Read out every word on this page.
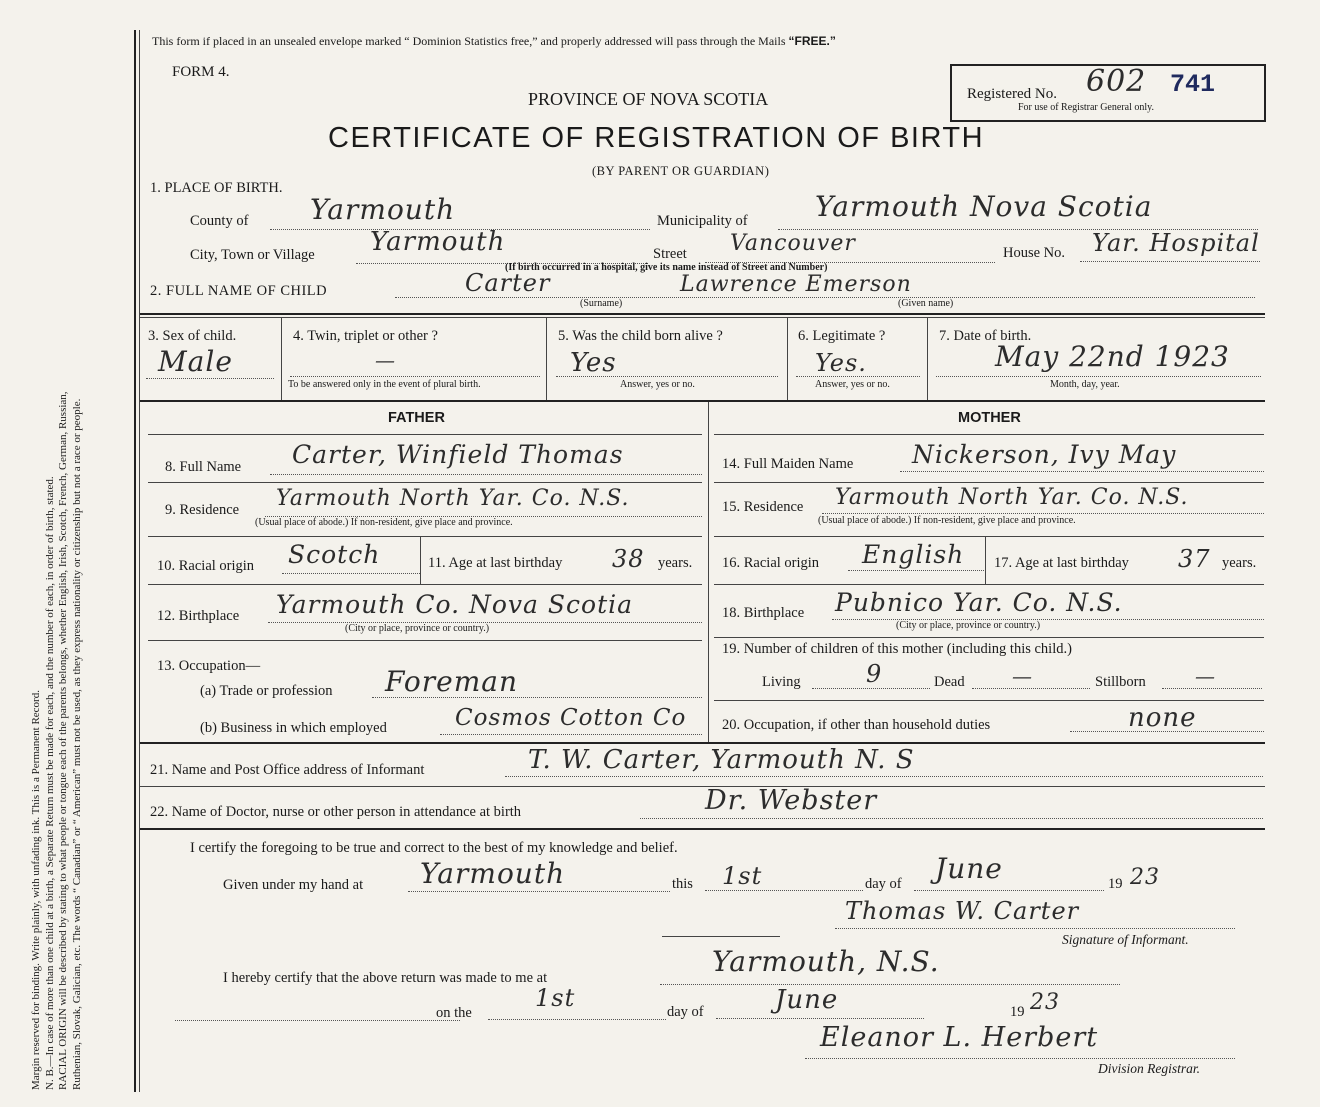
Margin reserved for binding. Write plainly, with unfading ink. This is a Permanent Record. N. B.—In case of more than one child at a birth, a Separate Return must be made for each, and the number of each, in order of birth, stated. RACIAL ORIGIN will be described by stating to what people or tongue each of the parents belongs, whether English, Irish, Scotch, French, German, Russian, Ruthenian, Slovak, Galician, etc. The words “ Canadian” or “ American” must not be used, as they express nationality or citizenship but not a race or people.
This form if placed in an unsealed envelope marked “ Dominion Statistics free,” and properly addressed will pass through the Mails “FREE.”
FORM 4.
PROVINCE OF NOVA SCOTIA
CERTIFICATE OF REGISTRATION OF BIRTH
(BY PARENT OR GUARDIAN)
Registered No. 602 741
For use of Registrar General only.
1. PLACE OF BIRTH.
County of Yarmouth	Municipality of Yarmouth Nova Scotia
City, Town or Village Yarmouth	Street Vancouver	House No. Yar. Hospital
(If birth occurred in a hospital, give its name instead of Street and Number)
2. FULL NAME OF CHILD	Carter	Lawrence Emerson
(Surname)	(Given name)
3. Sex of child.
Male
4. Twin, triplet or other ?
—
To be answered only in the event of plural birth.
5. Was the child born alive ?
Yes
Answer, yes or no.
6. Legitimate ?
Yes.
Answer, yes or no.
7. Date of birth.
May 22nd 1923
Month, day, year.
FATHER	MOTHER
8. Full Name Carter, Winfield Thomas
9. Residence Yarmouth North Yar. Co. N.S.
(Usual place of abode.) If non-resident, give place and province.
10. Racial origin Scotch	11. Age at last birthday 38 years.
12. Birthplace Yarmouth Co. Nova Scotia
(City or place, province or country.)
13. Occupation—
(a) Trade or profession Foreman
(b) Business in which employed	Cosmos Cotton Co
14. Full Maiden Name Nickerson, Ivy May
15. Residence Yarmouth North Yar. Co. N.S.
(Usual place of abode.) If non-resident, give place and province.
16. Racial origin English 17. Age at last birthday 37 years.
18. Birthplace Pubnico Yar. Co. N.S.
(City or place, province or country.)
19. Number of children of this mother (including this child.)
Living	9	Dead —	Stillborn —
20. Occupation, if other than household duties	none
21. Name and Post Office address of Informant	T. W. Carter, Yarmouth N. S
22. Name of Doctor, nurse or other person in attendance at birth	Dr. Webster
I certify the foregoing to be true and correct to the best of my knowledge and belief.
Given under my hand at Yarmouth	this 1st	day of June	19 23
Thomas W. Carter
Signature of Informant.
I hereby certify that the above return was made to me at	Yarmouth, N.S.
on the
1st	day of	June	19 23
Eleanor L. Herbert
Division Registrar.
